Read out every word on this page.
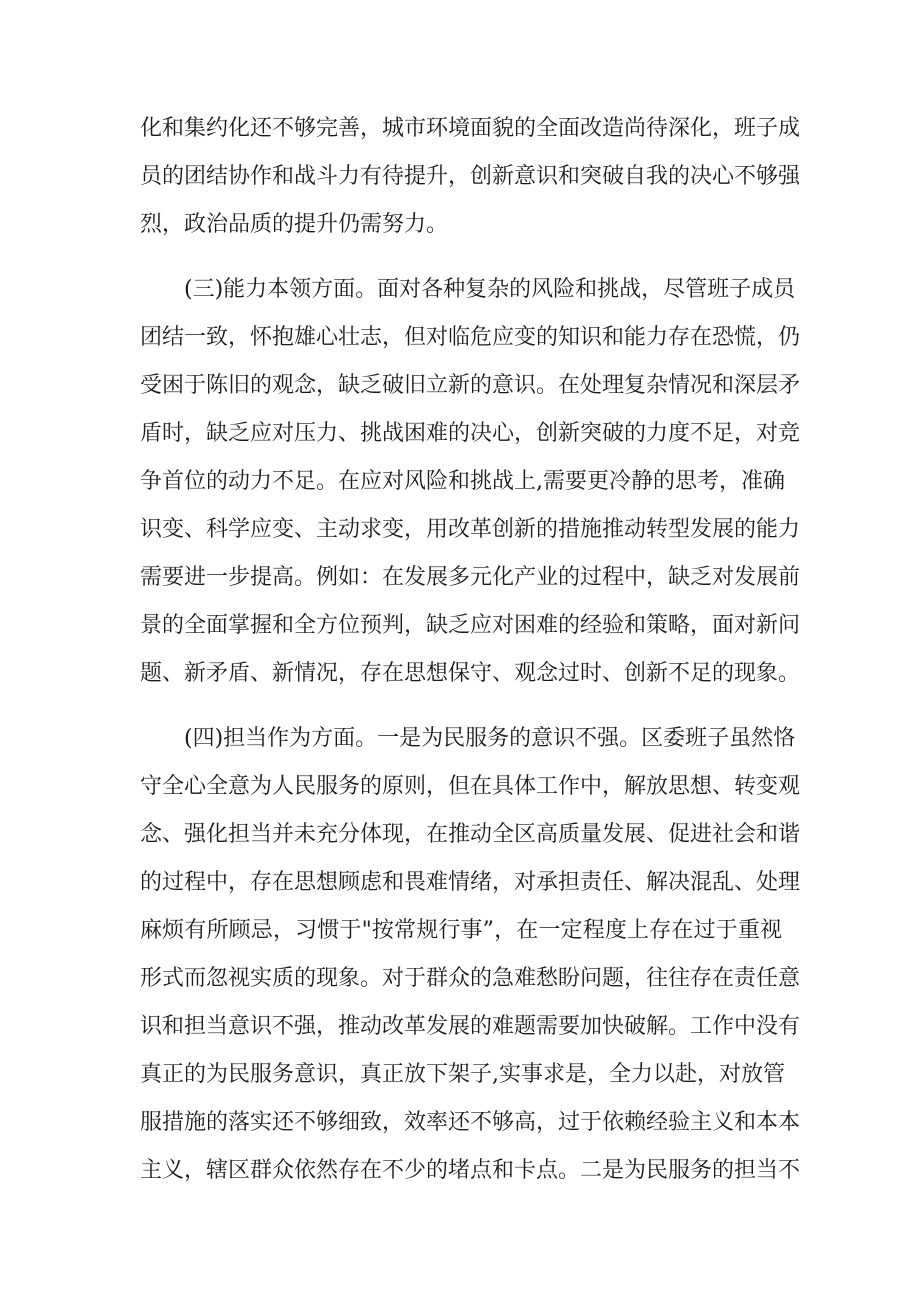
化和集约化还不够完善，城市环境面貌的全面改造尚待深化，班子成
员的团结协作和战斗力有待提升，创新意识和突破自我的决心不够强
烈，政治品质的提升仍需努力。
(三)能力本领方面。面对各种复杂的风险和挑战，尽管班子成员
团结一致，怀抱雄心壮志，但对临危应变的知识和能力存在恐慌，仍
受困于陈旧的观念，缺乏破旧立新的意识。在处理复杂情况和深层矛
盾时，缺乏应对压力、挑战困难的决心，创新突破的力度不足，对竞
争首位的动力不足。在应对风险和挑战上,需要更冷静的思考，准确
识变、科学应变、主动求变，用改革创新的措施推动转型发展的能力
需要进一步提高。例如：在发展多元化产业的过程中，缺乏对发展前
景的全面掌握和全方位预判，缺乏应对困难的经验和策略，面对新问
题、新矛盾、新情况，存在思想保守、观念过时、创新不足的现象。
(四)担当作为方面。一是为民服务的意识不强。区委班子虽然恪
守全心全意为人民服务的原则，但在具体工作中，解放思想、转变观
念、强化担当并未充分体现，在推动全区高质量发展、促进社会和谐
的过程中，存在思想顾虑和畏难情绪，对承担责任、解决混乱、处理
麻烦有所顾忌，习惯于"按常规行事”，在一定程度上存在过于重视
形式而忽视实质的现象。对于群众的急难愁盼问题，往往存在责任意
识和担当意识不强，推动改革发展的难题需要加快破解。工作中没有
真正的为民服务意识，真正放下架子,实事求是，全力以赴，对放管
服措施的落实还不够细致，效率还不够高，过于依赖经验主义和本本
主义，辖区群众依然存在不少的堵点和卡点。二是为民服务的担当不
